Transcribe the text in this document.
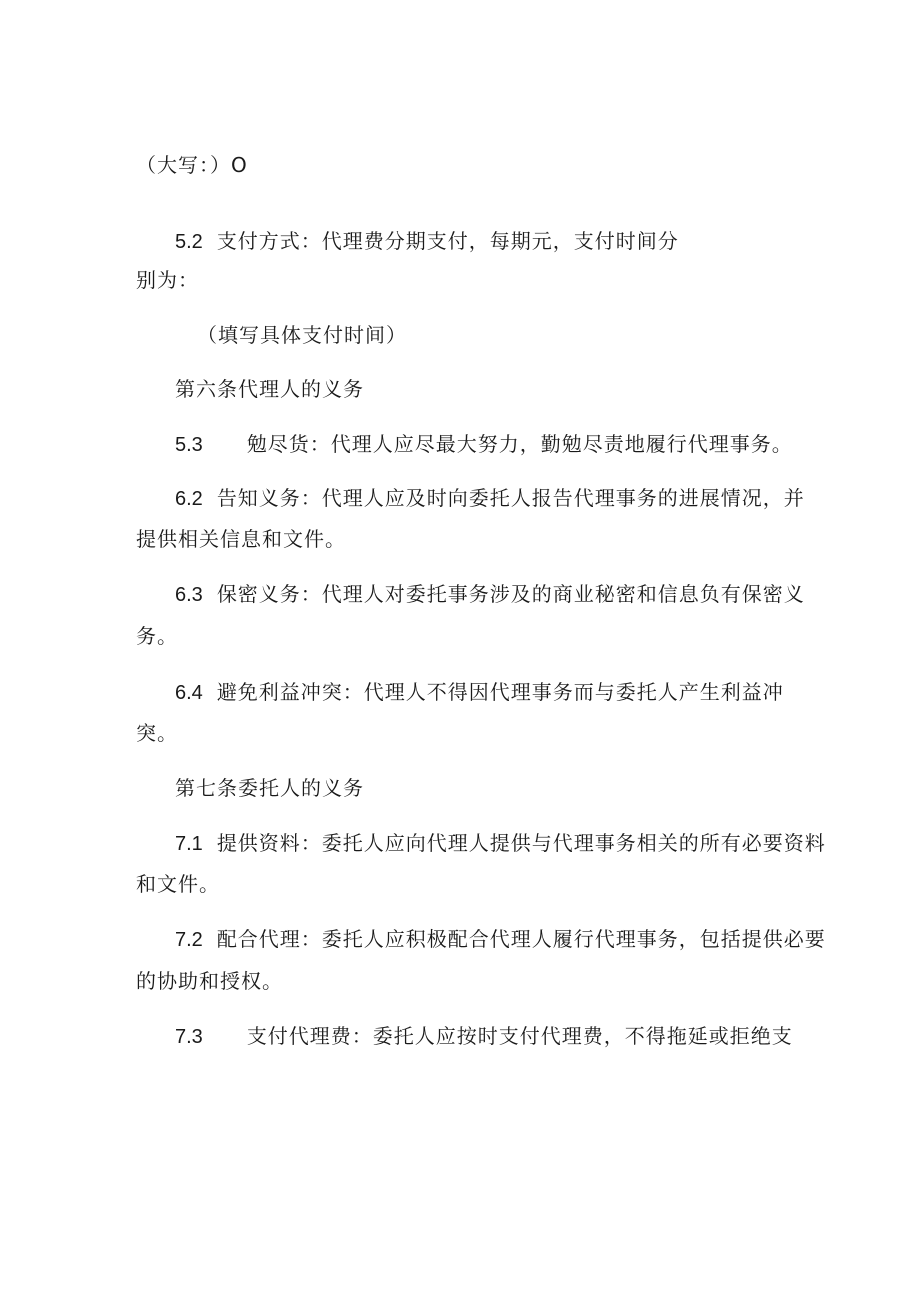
（大写：）O
5.2 支付方式：代理费分期支付，每期元，支付时间分
别为：
（填写具体支付时间）
第六条代理人的义务
5.3 勉尽货：代理人应尽最大努力，勤勉尽责地履行代理事务。
6.2 告知义务：代理人应及时向委托人报告代理事务的进展情况，并
提供相关信息和文件。
6.3 保密义务：代理人对委托事务涉及的商业秘密和信息负有保密义
务。
6.4 避免利益冲突：代理人不得因代理事务而与委托人产生利益冲
突。
第七条委托人的义务
7.1 提供资料：委托人应向代理人提供与代理事务相关的所有必要资料
和文件。
7.2 配合代理：委托人应积极配合代理人履行代理事务，包括提供必要
的协助和授权。
7.3 支付代理费：委托人应按时支付代理费，不得拖延或拒绝支
